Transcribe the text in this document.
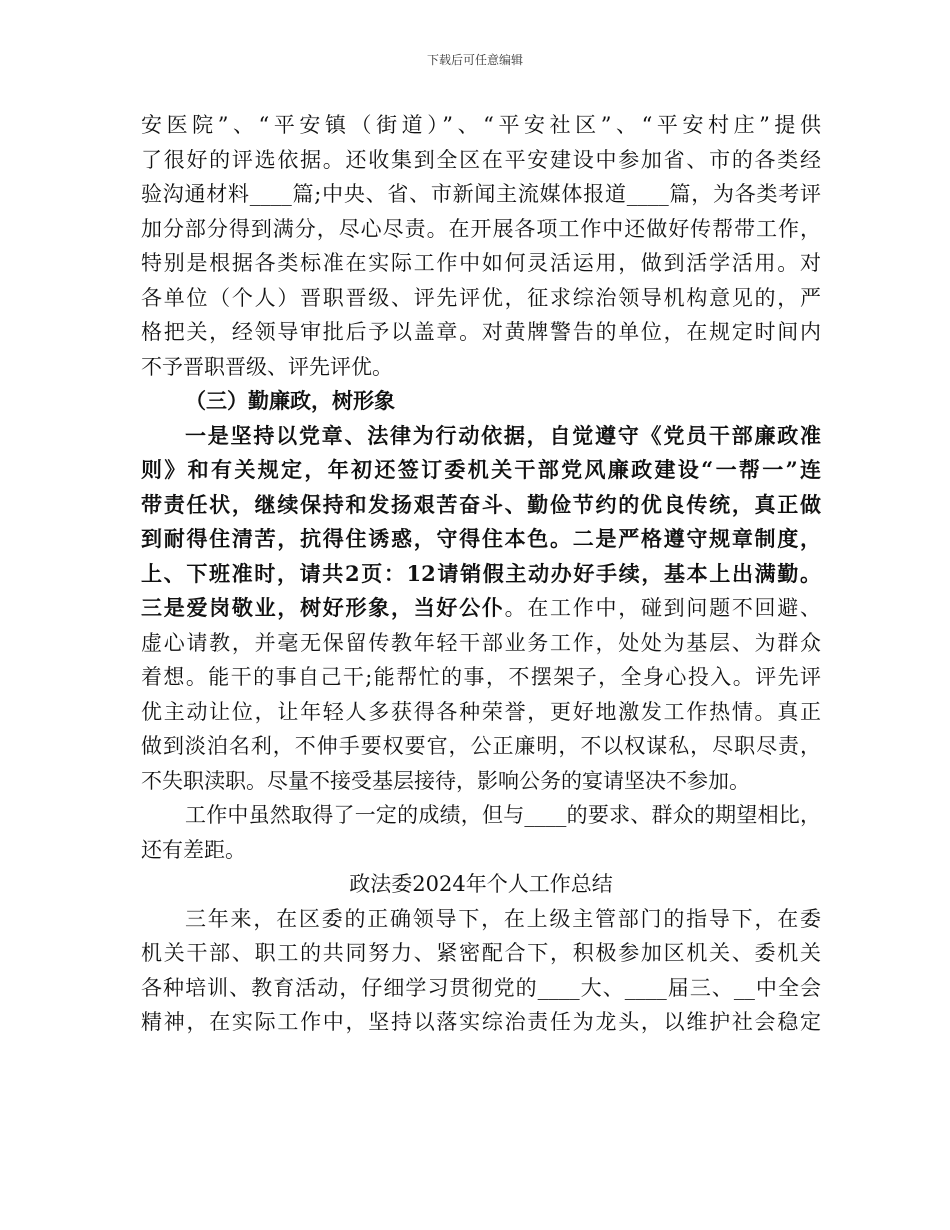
下载后可任意编辑
安医院”、“平安镇（街道）”、“平安社区”、“平安村庄”提供
了很好的评选依据。还收集到全区在平安建设中参加省、市的各类经
验沟通材料____篇;中央、省、市新闻主流媒体报道____篇，为各类考评
加分部分得到满分，尽心尽责。在开展各项工作中还做好传帮带工作，
特别是根据各类标准在实际工作中如何灵活运用，做到活学活用。对
各单位（个人）晋职晋级、评先评优，征求综治领导机构意见的，严
格把关，经领导审批后予以盖章。对黄牌警告的单位，在规定时间内
不予晋职晋级、评先评优。
（三）勤廉政，树形象
一是坚持以党章、法律为行动依据，自觉遵守《党员干部廉政准
则》和有关规定，年初还签订委机关干部党风廉政建设“一帮一”连
带责任状，继续保持和发扬艰苦奋斗、勤俭节约的优良传统，真正做
到耐得住清苦，抗得住诱惑，守得住本色。二是严格遵守规章制度，
上、下班准时，请共2页：12请销假主动办好手续，基本上出满勤。
三是爱岗敬业，树好形象，当好公仆。在工作中，碰到问题不回避、
虚心请教，并毫无保留传教年轻干部业务工作，处处为基层、为群众
着想。能干的事自己干;能帮忙的事，不摆架子，全身心投入。评先评
优主动让位，让年轻人多获得各种荣誉，更好地激发工作热情。真正
做到淡泊名利，不伸手要权要官，公正廉明，不以权谋私，尽职尽责，
不失职渎职。尽量不接受基层接待，影响公务的宴请坚决不参加。
工作中虽然取得了一定的成绩，但与____的要求、群众的期望相比，
还有差距。
政法委2024年个人工作总结
三年来，在区委的正确领导下，在上级主管部门的指导下，在委
机关干部、职工的共同努力、紧密配合下，积极参加区机关、委机关
各种培训、教育活动，仔细学习贯彻党的____大、____届三、__中全会
精神，在实际工作中，坚持以落实综治责任为龙头，以维护社会稳定
